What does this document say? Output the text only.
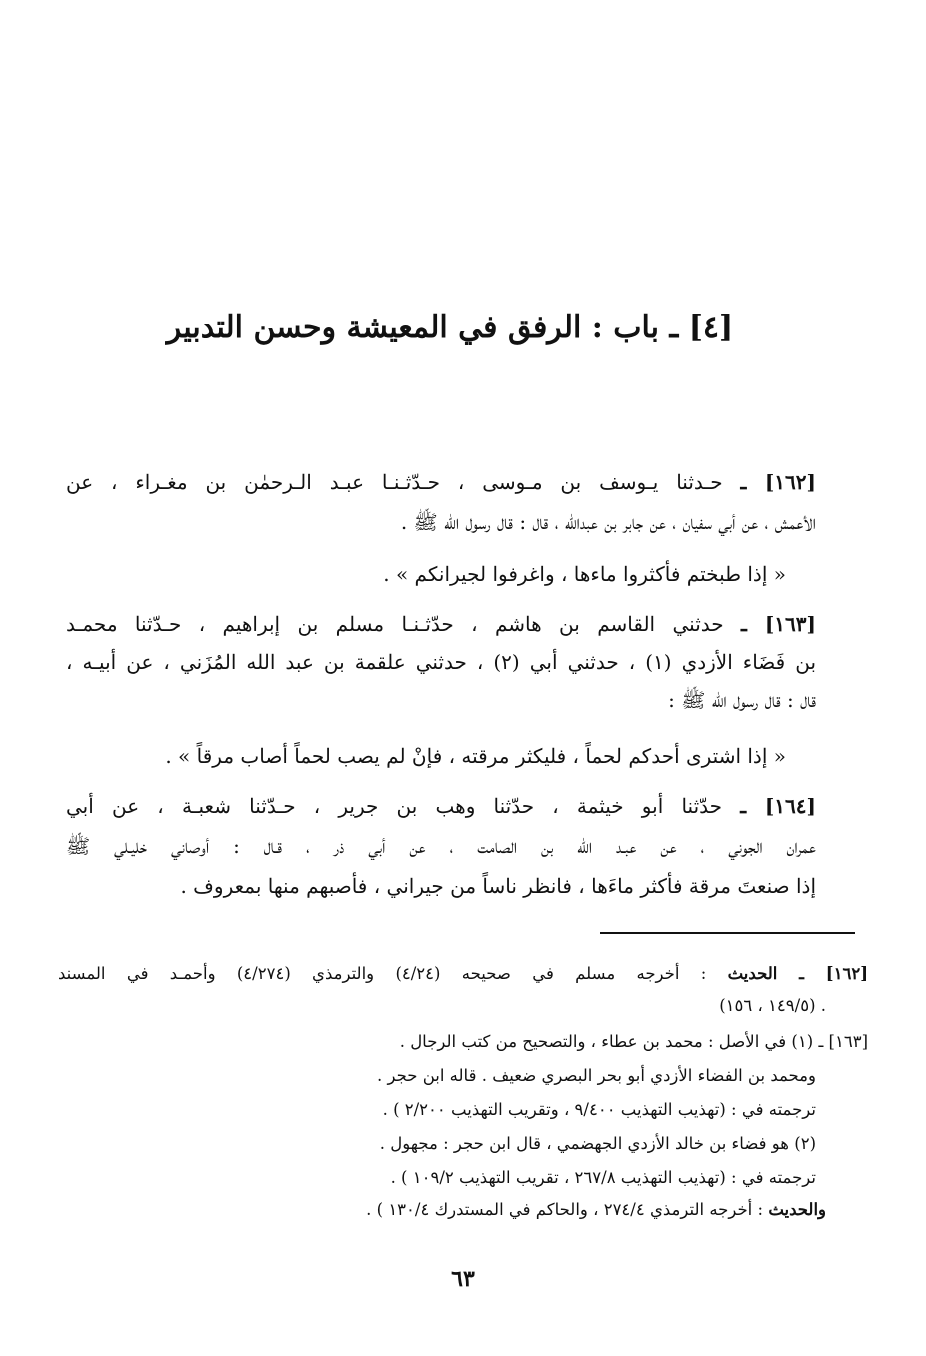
[٤] ـ باب : الرفق في المعيشة وحسن التدبير
[١٦٢] ـ حـدثنا يـوسف بن مـوسى ، حـدّثـنـا عبـد الـرحمٰن بن مغـراء ، عن
الأعمش ، عن أبي سفيان ، عن جابر بن عبدالله ، قال : قال رسول الله ﷺ .
« إذا طبختم فأكثروا ماءها ، واغرفوا لجيرانكم » .
[١٦٣] ـ حدثني القاسم بن هاشم ، حدّثـنـا مسلم بن إبراهيم ، حـدّثنا محمـد
بن فَضَاء الأزدي (١) ، حدثني أبي (٢) ، حدثني علقمة بن عبد الله المُزَني ، عن أبيـه ،
قال : قال رسول الله ﷺ :
« إذا اشترى أحدكم لحماً ، فليكثر مرقته ، فإنْ لم يصب لحماً أصاب مرقاً » .
[١٦٤] ـ حدّثنا أبو خيثمة ، حدّثنا وهب بن جرير ، حـدّثنا شعبـة ، عن أبي
عمران الجوني ، عن عبـد الله بن الصامت ، عن أبي ذر ، قـال : أوصاني خليـلي ﷺ
إذا صنعتَ مرقة فأكثر ماءَها ، فانظر ناساً من جيراني ، فأصبهم منها بمعروف .
[١٦٢] ـ الحديث : أخرجه مسلم في صحيحه (٤/٢٤) والترمذي (٤/٢٧٤) وأحمـد في المسند
(١٤٩/٥ ، ١٥٦) .
[١٦٣] ـ (١) في الأصل : محمد بن عطاء ، والتصحيح من كتب الرجال .
ومحمد بن الفضاء الأزدي أبو بحر البصري ضعيف . قاله ابن حجر .
ترجمته في : (تهذيب التهذيب ٩/٤٠٠ ، وتقريب التهذيب ٢/٢٠٠ ) .
(٢) هو فضاء بن خالد الأزدي الجهضمي ، قال ابن حجر : مجهول .
ترجمته في : (تهذيب التهذيب ٢٦٧/٨ ، تقريب التهذيب ١٠٩/٢ ) .
والحديث : أخرجه الترمذي ٢٧٤/٤ ، والحاكم في المستدرك ١٣٠/٤ ) .
٦٣
